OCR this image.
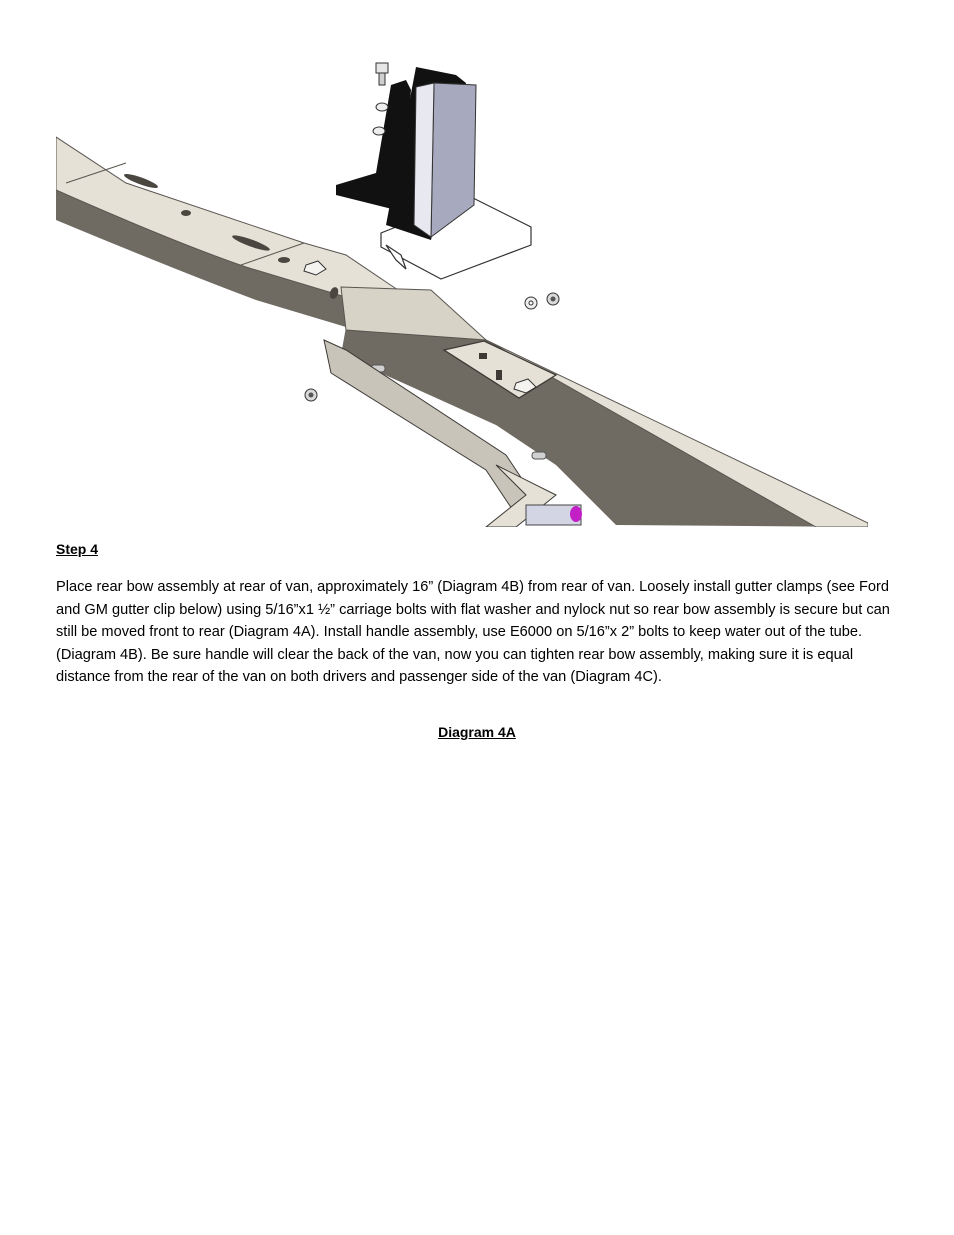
Step 4
Place rear bow assembly at rear of van, approximately 16” (Diagram 4B) from rear of van. Loosely install gutter clamps (see Ford and GM gutter clip below) using 5/16”x1 ½” carriage bolts with flat washer and nylock nut so rear bow assembly is secure but can still be moved front to rear (Diagram 4A). Install handle assembly, use E6000 on 5/16”x 2” bolts to keep water out of the tube. (Diagram 4B). Be sure handle will clear the back of the van, now you can tighten rear bow assembly, making sure it is equal distance from the rear of the van on both drivers and passenger side of the van (Diagram 4C).
Diagram 4A
